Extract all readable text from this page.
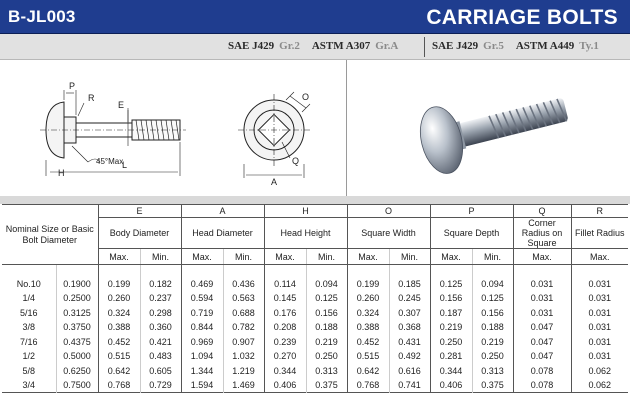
B-JL003	CARRIAGE BOLTS
SAE J429 Gr.2 ASTM A307 Gr.A	SAE J429 Gr.5 ASTM A449 Ty.1
P
R
E
H
L
45°Max
O
Q
A
Nominal Size or Basic Bolt Diameter		E		A		H		O		P		Q	R
		Body Diameter		Head Diameter		Head Height		Square Width		Square Depth		Corner Radius on Square	Fillet Radius
		Max.	Min.	Max.	Min.	Max.	Min.	Max.	Min.	Max.	Min.	Max.	Max.

No.10	0.1900	0.199	0.182	0.469	0.436	0.114	0.094	0.199	0.185	0.125	0.094	0.031	0.031
1/4	0.2500	0.260	0.237	0.594	0.563	0.145	0.125	0.260	0.245	0.156	0.125	0.031	0.031
5/16	0.3125	0.324	0.298	0.719	0.688	0.176	0.156	0.324	0.307	0.187	0.156	0.031	0.031
3/8	0.3750	0.388	0.360	0.844	0.782	0.208	0.188	0.388	0.368	0.219	0.188	0.047	0.031
7/16	0.4375	0.452	0.421	0.969	0.907	0.239	0.219	0.452	0.431	0.250	0.219	0.047	0.031
1/2	0.5000	0.515	0.483	1.094	1.032	0.270	0.250	0.515	0.492	0.281	0.250	0.047	0.031
5/8	0.6250	0.642	0.605	1.344	1.219	0.344	0.313	0.642	0.616	0.344	0.313	0.078	0.062
3/4	0.7500	0.768	0.729	1.594	1.469	0.406	0.375	0.768	0.741	0.406	0.375	0.078	0.062
